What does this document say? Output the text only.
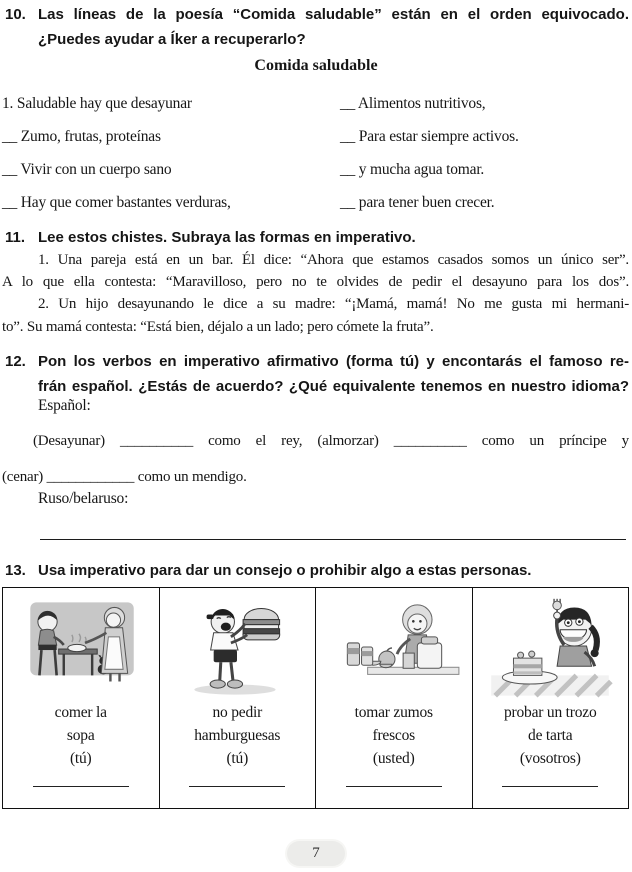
10. Las líneas de la poesía “Comida saludable” están en el orden equivocado.
¿Puedes ayudar a Íker a recuperarlo?
Comida saludable
1. Saludable hay que desayunar	__ Alimentos nutritivos,
__ Zumo, frutas, proteínas	__ Para estar siempre activos.
__ Vivir con un cuerpo sano	__ y mucha agua tomar.
__ Hay que comer bastantes verduras,	__ para tener buen crecer.
11. Lee estos chistes. Subraya las formas en imperativo.
1. Una pareja está en un bar. Él dice: “Ahora que estamos casados somos un único ser”.
A lo que ella contesta: “Maravilloso, pero no te olvides de pedir el desayuno para los dos”.
2. Un hijo desayunando le dice a su madre: “¡Mamá, mamá! No me gusta mi hermani-
to”. Su mamá contesta: “Está bien, déjalo a un lado; pero cómete la fruta”.
12. Pon los verbos en imperativo afirmativo (forma tú) y encontarás el famoso re-
frán español. ¿Estás de acuerdo? ¿Qué equivalente tenemos en nuestro idioma?
Español:
(Desayunar) __________ como el rey, (almorzar) __________ como un príncipe y
(cenar) ____________ como un mendigo.
Ruso/belaruso:
13. Usa imperativo para dar un consejo o prohibir algo a estas personas.
comer la
sopa
(tú)
no pedir
hamburguesas
(tú)
tomar zumos
frescos
(usted)
probar un trozo
de tarta
(vosotros)
7
